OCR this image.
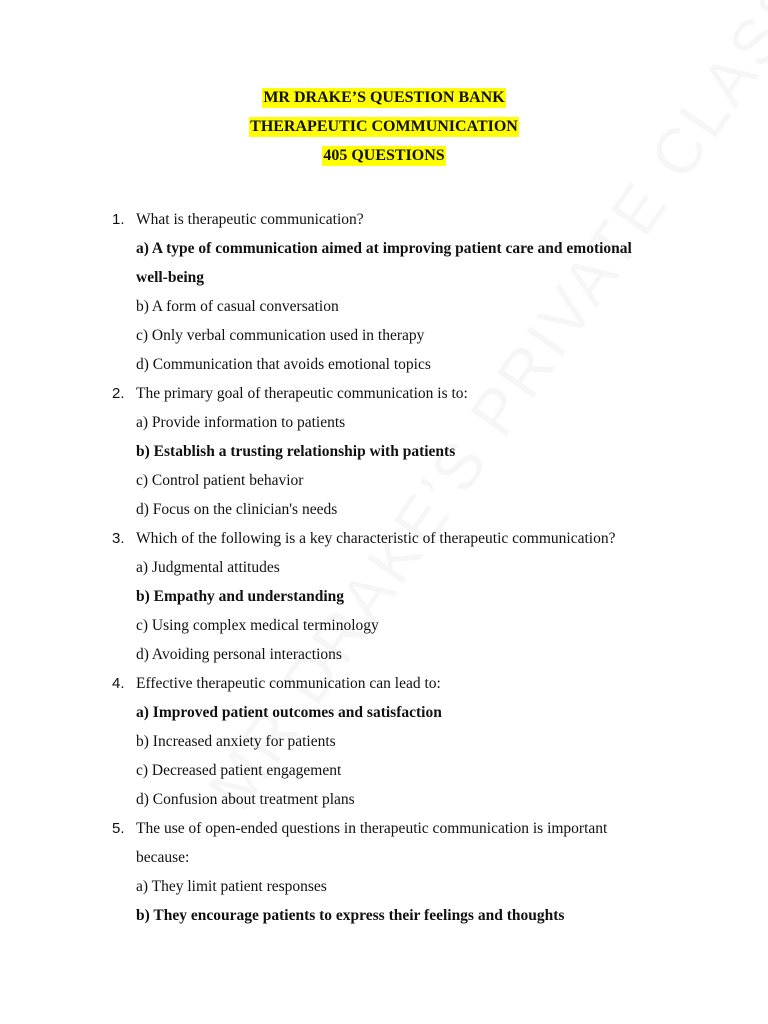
MR DRAKE’S QUESTION BANK
THERAPEUTIC COMMUNICATION
405 QUESTIONS
1. What is therapeutic communication?
a) A type of communication aimed at improving patient care and emotional
well-being
b) A form of casual conversation
c) Only verbal communication used in therapy
d) Communication that avoids emotional topics
2. The primary goal of therapeutic communication is to:
a) Provide information to patients
b) Establish a trusting relationship with patients
c) Control patient behavior
d) Focus on the clinician's needs
3. Which of the following is a key characteristic of therapeutic communication?
a) Judgmental attitudes
b) Empathy and understanding
c) Using complex medical terminology
d) Avoiding personal interactions
4. Effective therapeutic communication can lead to:
a) Improved patient outcomes and satisfaction
b) Increased anxiety for patients
c) Decreased patient engagement
d) Confusion about treatment plans
5. The use of open-ended questions in therapeutic communication is important
because:
a) They limit patient responses
b) They encourage patients to express their feelings and thoughts
